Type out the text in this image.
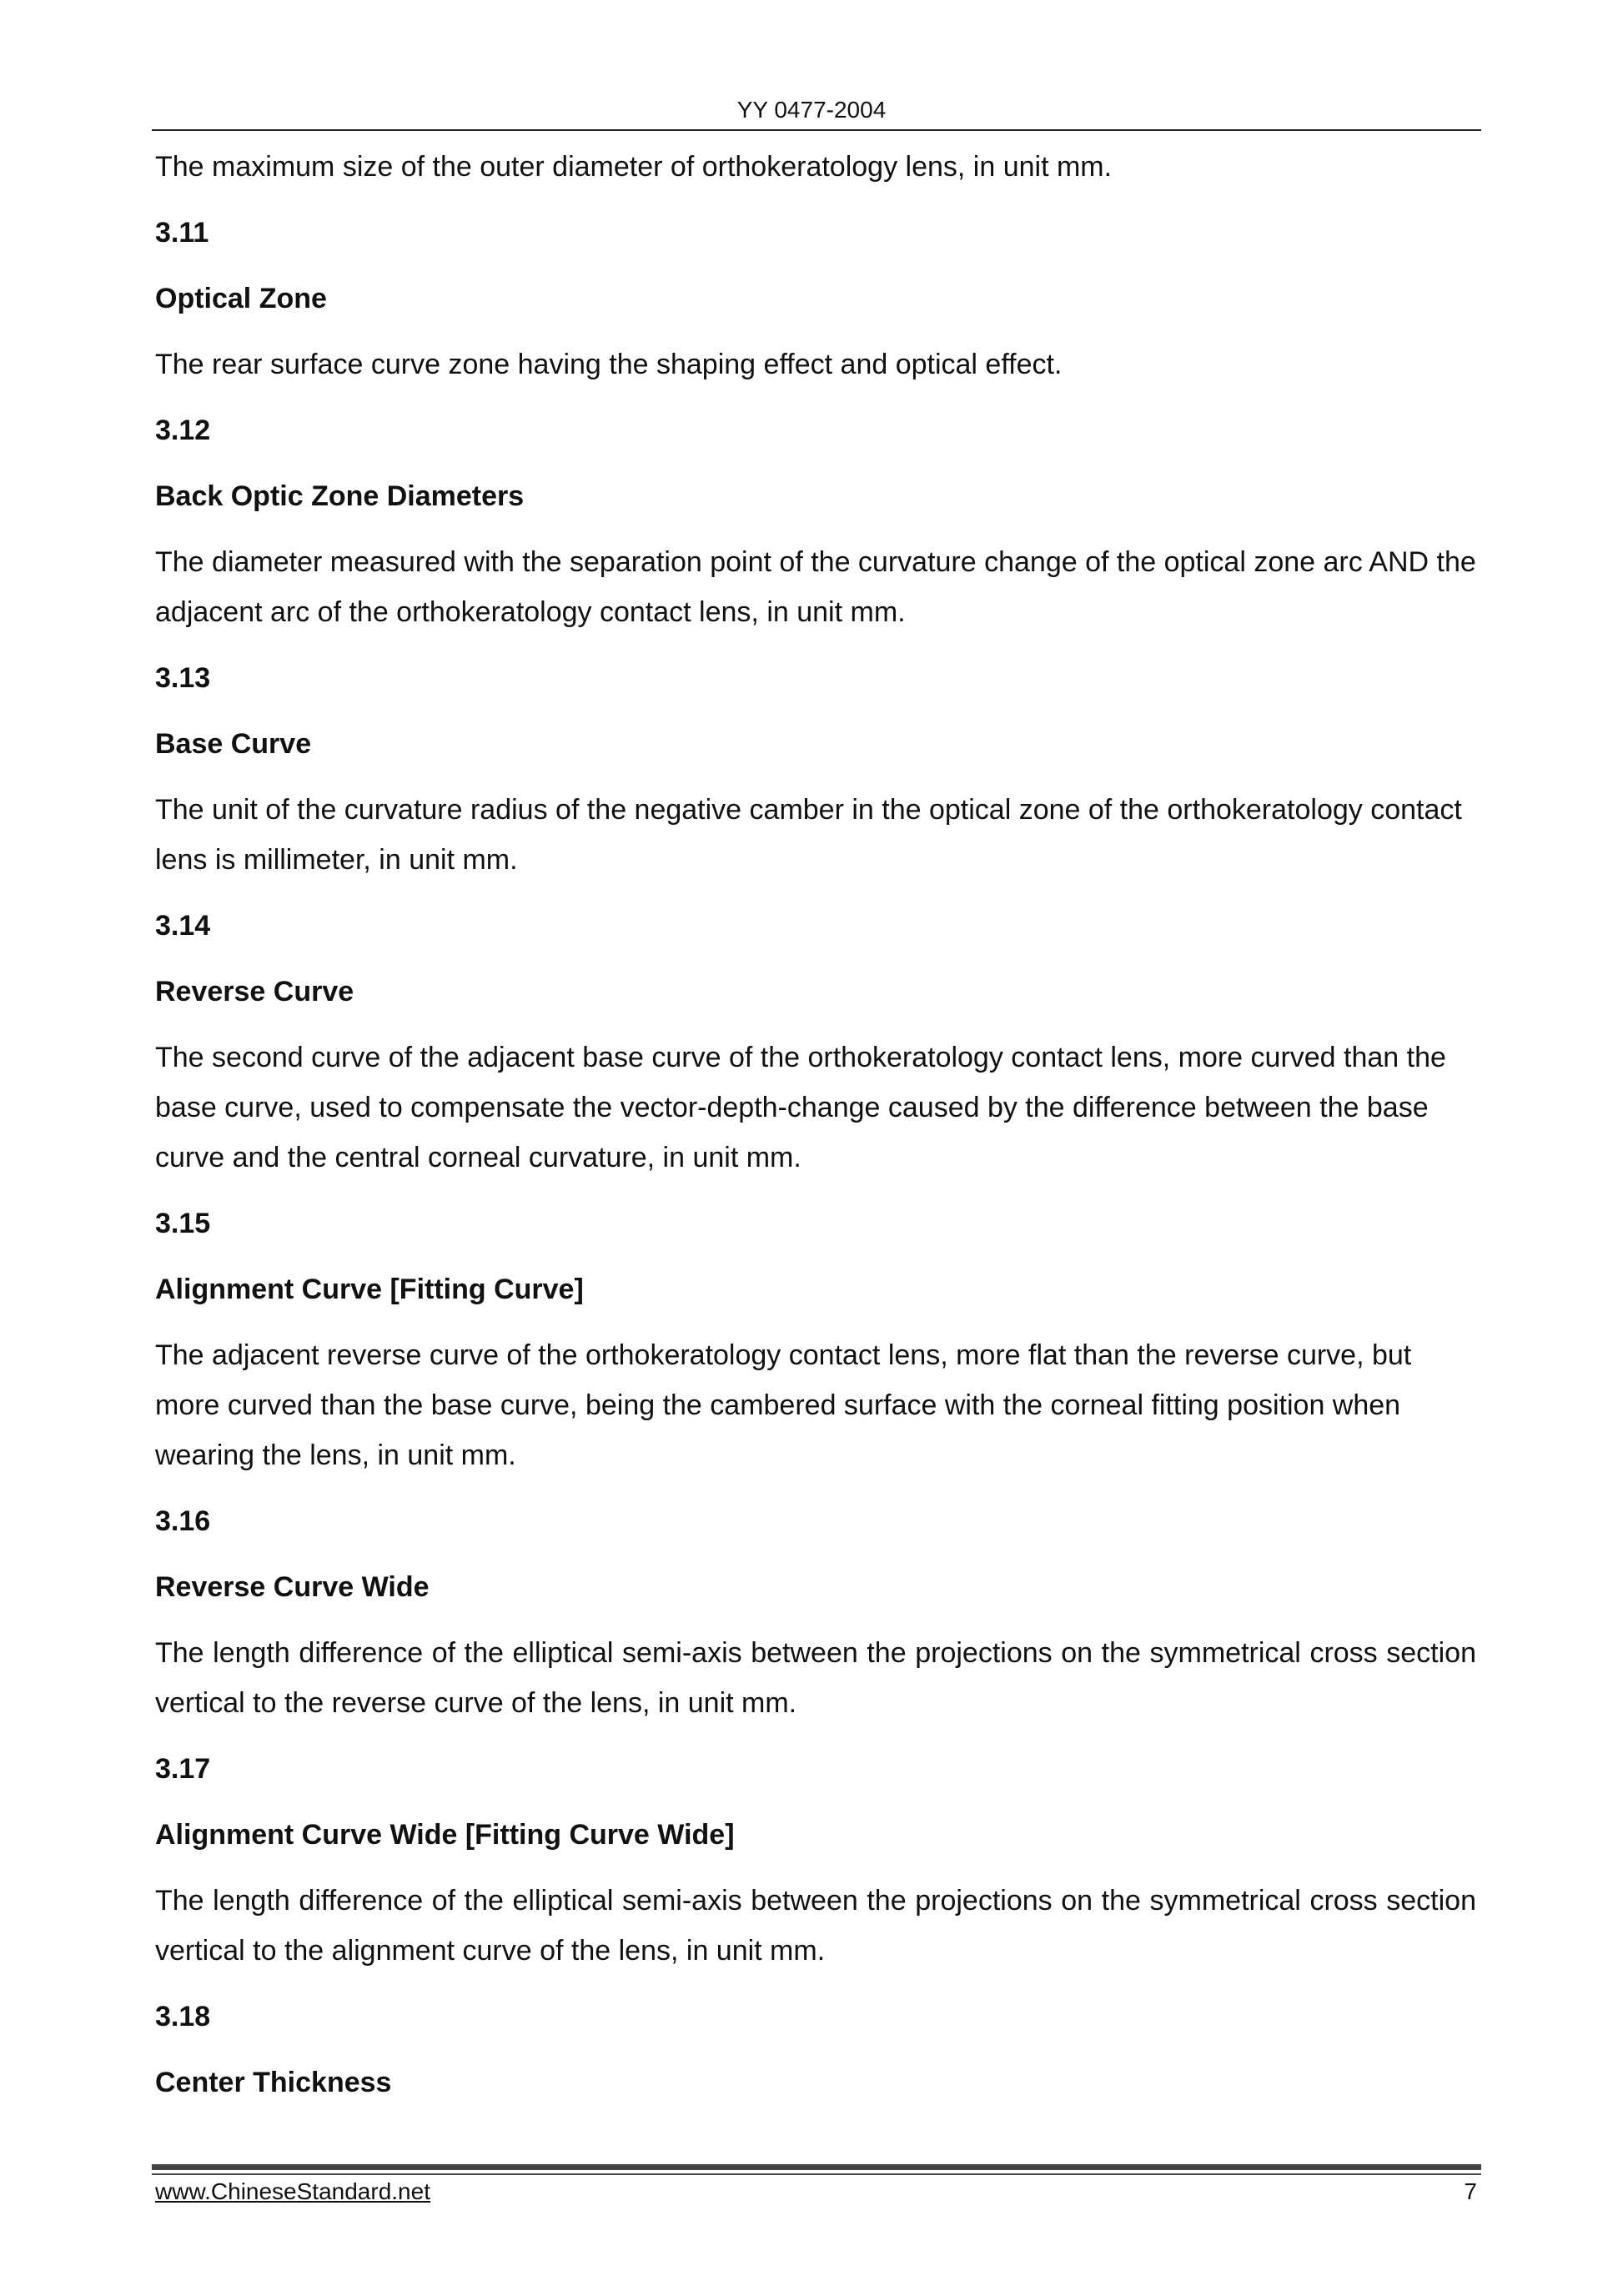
YY 0477-2004

The maximum size of the outer diameter of orthokeratology lens, in unit mm.

3.11

Optical Zone

The rear surface curve zone having the shaping effect and optical effect.

3.12

Back Optic Zone Diameters

The diameter measured with the separation point of the curvature change of the optical zone arc AND the adjacent arc of the orthokeratology contact lens, in unit mm.

3.13

Base Curve

The unit of the curvature radius of the negative camber in the optical zone of the orthokeratology contact lens is millimeter, in unit mm.

3.14

Reverse Curve

The second curve of the adjacent base curve of the orthokeratology contact lens, more curved than the base curve, used to compensate the vector-depth-change caused by the difference between the base curve and the central corneal curvature, in unit mm.

3.15

Alignment Curve [Fitting Curve]

The adjacent reverse curve of the orthokeratology contact lens, more flat than the reverse curve, but more curved than the base curve, being the cambered surface with the corneal fitting position when wearing the lens, in unit mm.

3.16

Reverse Curve Wide

The length difference of the elliptical semi-axis between the projections on the symmetrical cross section vertical to the reverse curve of the lens, in unit mm.

3.17

Alignment Curve Wide [Fitting Curve Wide]

The length difference of the elliptical semi-axis between the projections on the symmetrical cross section vertical to the alignment curve of the lens, in unit mm.

3.18

Center Thickness

www.ChineseStandard.net	7
